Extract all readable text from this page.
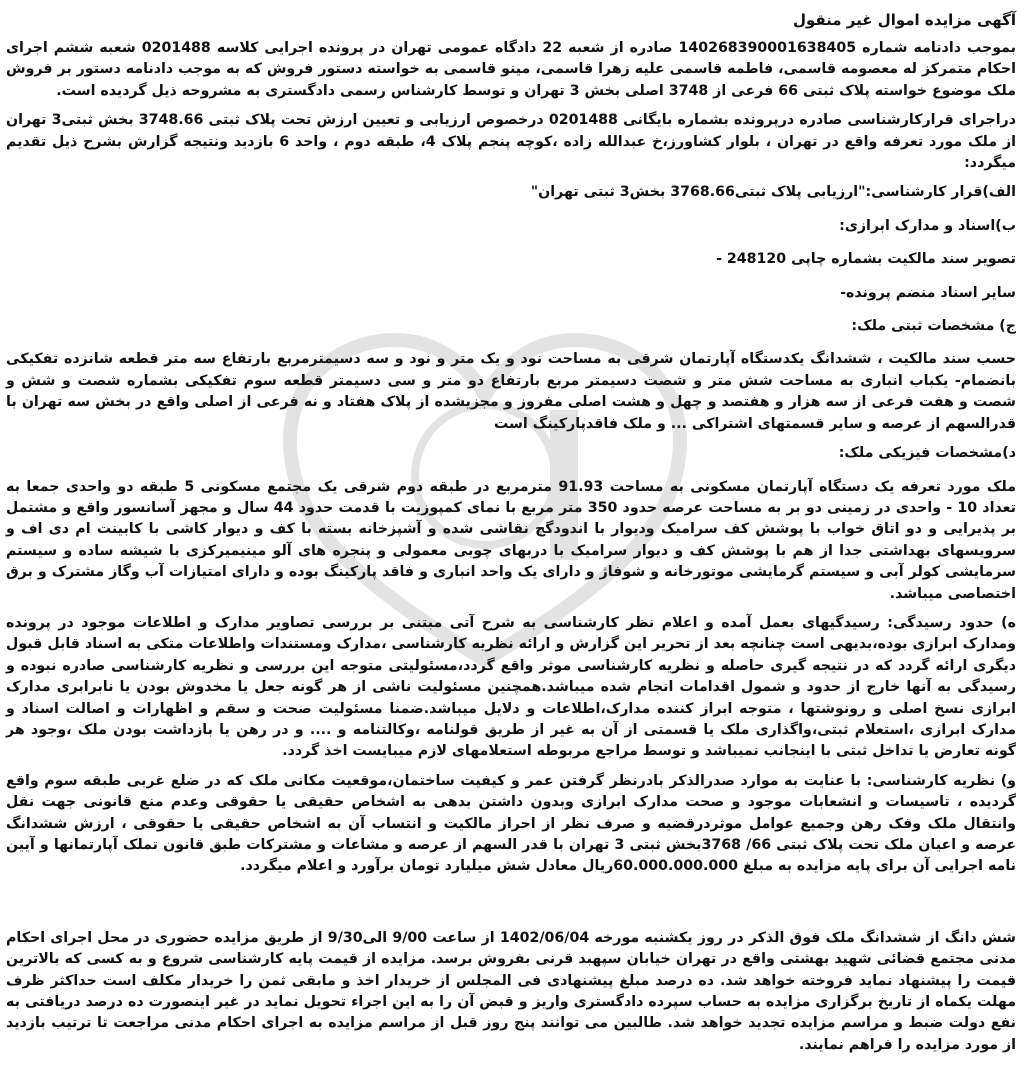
آگهی مزایده اموال غیر منقول

بموجب دادنامه شماره 140268390001638405 صادره از شعبه 22 دادگاه عمومی تهران در پرونده اجرایی کلاسه 0201488 شعبه ششم اجرای احکام متمرکز له معصومه قاسمی، فاطمه قاسمی علیه زهرا قاسمی، مینو قاسمی به خواسته دستور فروش که به موجب دادنامه دستور بر فروش ملک موضوع خواسته پلاک ثبتی 66 فرعی از 3748 اصلی بخش 3 تهران و توسط کارشناس رسمی دادگستری به مشروحه ذیل گردیده است.

دراجرای قرارکارشناسی صادره درپرونده بشماره بایگانی 0201488 درخصوص ارزیابی و تعیین ارزش تحت پلاک ثبتی 3748.66 بخش ثبتی3 تهران از ملک مورد تعرفه واقع در تهران ، بلوار کشاورز،خ عبدالله زاده ،کوچه پنجم پلاک 4، طبقه دوم ، واحد 6 بازدید ونتیجه گزارش بشرح ذیل تقدیم میگردد:

الف)قرار کارشناسی:"ارزیابی پلاک ثبتی3768.66 بخش3 ثبتی تهران"
ب)اسناد و مدارک ابرازی:
تصویر سند مالکیت بشماره چاپی 248120 -
سایر اسناد منضم پرونده-
ج) مشخصات ثبتی ملک:

حسب سند مالکیت ، ششدانگ یکدستگاه آپارتمان شرقی به مساحت نود و یک متر و نود و سه دسیمترمربع بارتفاع سه متر قطعه شانزده تفکیکی بانضمام- یکباب انباری به مساحت شش متر و شصت دسیمتر مربع بارتفاع دو متر و سی دسیمتر قطعه سوم تفکیکی بشماره شصت و شش و شصت و هفت فرعی از سه هزار و هفتصد و چهل و هشت اصلی مفروز و مجزیشده از پلاک هفتاد و نه فرعی از اصلی واقع در بخش سه تهران با قدرالسهم از عرصه و سایر قسمتهای اشتراکی ... و ملک فاقدپارکینگ است

د)مشخصات فیزیکی ملک:

ملک مورد تعرفه یک دستگاه آپارتمان مسکونی به مساحت 91.93 مترمربع در طبقه دوم شرقی یک مجتمع مسکونی 5 طبقه دو واحدی جمعا به تعداد 10 - واحدی در زمینی دو بر به مساحت عرصه حدود 350 متر مربع با نمای کمپوزیت با قدمت حدود 44 سال و مجهز آسانسور واقع و مشتمل بر پذیرایی و دو اتاق خواب با پوشش کف سرامیک ودیوار با اندودگچ نقاشی شده و آشپزخانه بسته با کف و دیوار کاشی با کابینت ام دی اف و سرویسهای بهداشتی جدا از هم با پوشش کف و دیوار سرامیک با دربهای چوبی معمولی و پنجره های آلو مینیمیرکزی با شیشه ساده و سیستم سرمایشی کولر آبی و سیستم گرمایشی موتورخانه و شوفاژ و دارای یک واحد انباری و فاقد پارکینگ بوده و دارای امتیازات آب وگاز مشترک و برق اختصاصی میباشد.

ه) حدود رسیدگی: رسیدگیهای بعمل آمده و اعلام نظر کارشناسی به شرح آتی مبتنی بر بررسی تصاویر مدارک و اطلاعات موجود در پرونده ومدارک ابرازی بوده،بدیهی است چنانچه بعد از تحریر این گزارش و ارائه نظریه کارشناسی ،مدارک ومستندات واطلاعات متکی به اسناد قابل قبول دیگری ارائه گردد که در نتیجه گیری حاصله و نظریه کارشناسی موثر واقع گردد،مسئولیتی متوجه این بررسی و نظریه کارشناسی صادره نبوده و رسیدگی به آنها خارج از حدود و شمول اقدامات انجام شده میباشد.همچنین مسئولیت ناشی از هر گونه جعل یا مخدوش بودن یا نابرابری مدارک ابرازی نسخ اصلی و رونوشتها ، متوجه ابراز کننده مدارک،اطلاعات و دلایل میباشد.ضمنا مسئولیت صحت و سقم و اظهارات و اصالت اسناد و مدارک ابرازی ،استعلام ثبتی،واگذاری ملک یا قسمتی از آن به غیر از طریق قولنامه ،وکالتنامه و .... و در رهن یا بازداشت بودن ملک ،وجود هر گونه تعارض یا تداخل ثبتی با اینجانب نمیباشد و توسط مراجع مربوطه استعلامهای لازم میبایست اخذ گردد.

و) نظریه کارشناسی: با عنایت به موارد صدرالذکر بادرنظر گرفتن عمر و کیفیت ساختمان،موقعیت مکانی ملک که در ضلع غربی طبقه سوم واقع گردیده ، تاسیسات و انشعابات موجود و صحت مدارک ابرازی وبدون داشتن بدهی به اشخاص حقیقی یا حقوقی وعدم منع قانونی جهت نقل وانتقال ملک وفک رهن وجمیع عوامل موثردرقضیه و صرف نظر از احراز مالکیت و انتساب آن به اشخاص حقیقی یا حقوقی ، ارزش ششدانگ عرصه و اعیان ملک تحت پلاک ثبتی 66/ 3768بخش ثبتی 3 تهران با قدر السهم از عرصه و مشاعات و مشترکات طبق قانون تملک آپارتمانها و آیین نامه اجرایی آن برای پایه مزایده به مبلغ 60.000.000.000ریال معادل شش میلیارد تومان برآورد و اعلام میگردد.

شش دانگ از ششدانگ ملک فوق الذکر در روز یکشنبه مورخه 1402/06/04 از ساعت 9/00 الی9/30 از طریق مزایده حضوری در محل اجرای احکام مدنی مجتمع قضائی شهید بهشتی واقع در تهران خیابان سپهبد قرنی بفروش برسد. مزایده از قیمت پایه کارشناسی شروع و به کسی که بالاترین قیمت را پیشنهاد نماید فروخته خواهد شد. ده درصد مبلغ پیشنهادی فی المجلس از خریدار اخذ و مابقی ثمن را خریدار مکلف است حداکثر ظرف مهلت یکماه از تاریخ برگزاری مزایده به حساب سپرده دادگستری واریز و قبض آن را به این اجراء تحویل نماید در غیر اینصورت ده درصد دریافتی به نفع دولت ضبط و مراسم مزایده تجدید خواهد شد. طالبین می توانند پنج روز قبل از مراسم مزایده به اجرای احکام مدنی مراجعت تا ترتیب بازدید از مورد مزایده را فراهم نمایند.
